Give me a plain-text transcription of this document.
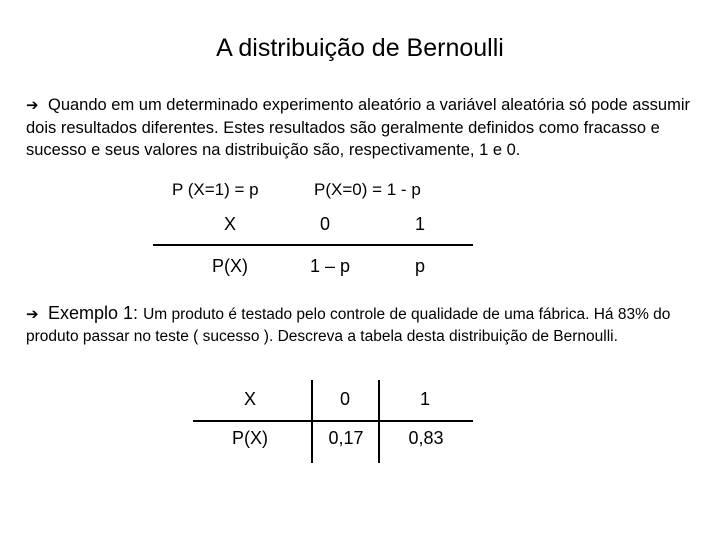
A distribuição de Bernoulli
➔ Quando em um determinado experimento aleatório a variável aleatória só pode assumir dois resultados diferentes. Estes resultados são geralmente definidos como fracasso e sucesso e seus valores na distribuição são, respectivamente, 1 e 0.
P (X=1) = p	P(X=0) = 1 - p
X	0	1
P(X)	1 – p	p
➔ Exemplo 1: Um produto é testado pelo controle de qualidade de uma fábrica. Há 83% do produto passar no teste ( sucesso ). Descreva a tabela desta distribuição de Bernoulli.
X	0	1
P(X)	0,17	0,83
